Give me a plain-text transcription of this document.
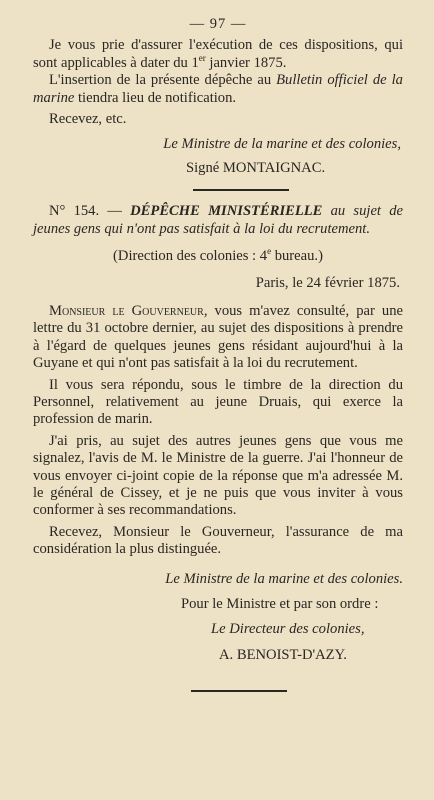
— 97 —

Je vous prie d'assurer l'exécution de ces dispositions, qui sont applicables à dater du 1er janvier 1875.

L'insertion de la présente dépêche au Bulletin officiel de la marine tiendra lieu de notification.

Recevez, etc.

Le Ministre de la marine et des colonies,

Signé MONTAIGNAC.

N° 154. — DÉPÊCHE MINISTÉRIELLE au sujet de jeunes gens qui n'ont pas satisfait à la loi du recrutement.

(Direction des colonies : 4e bureau.)

Paris, le 24 février 1875.

Monsieur le Gouverneur, vous m'avez consulté, par une lettre du 31 octobre dernier, au sujet des dispositions à prendre à l'égard de quelques jeunes gens résidant aujourd'hui à la Guyane et qui n'ont pas satisfait à la loi du recrutement.

Il vous sera répondu, sous le timbre de la direction du Personnel, relativement au jeune Druais, qui exerce la profession de marin.

J'ai pris, au sujet des autres jeunes gens que vous me signalez, l'avis de M. le Ministre de la guerre. J'ai l'honneur de vous envoyer ci-joint copie de la réponse que m'a adressée M. le général de Cissey, et je ne puis que vous inviter à vous conformer à ses recommandations.

Recevez, Monsieur le Gouverneur, l'assurance de ma considération la plus distinguée.

Le Ministre de la marine et des colonies.

Pour le Ministre et par son ordre :

Le Directeur des colonies,

A. BENOIST-D'AZY.
